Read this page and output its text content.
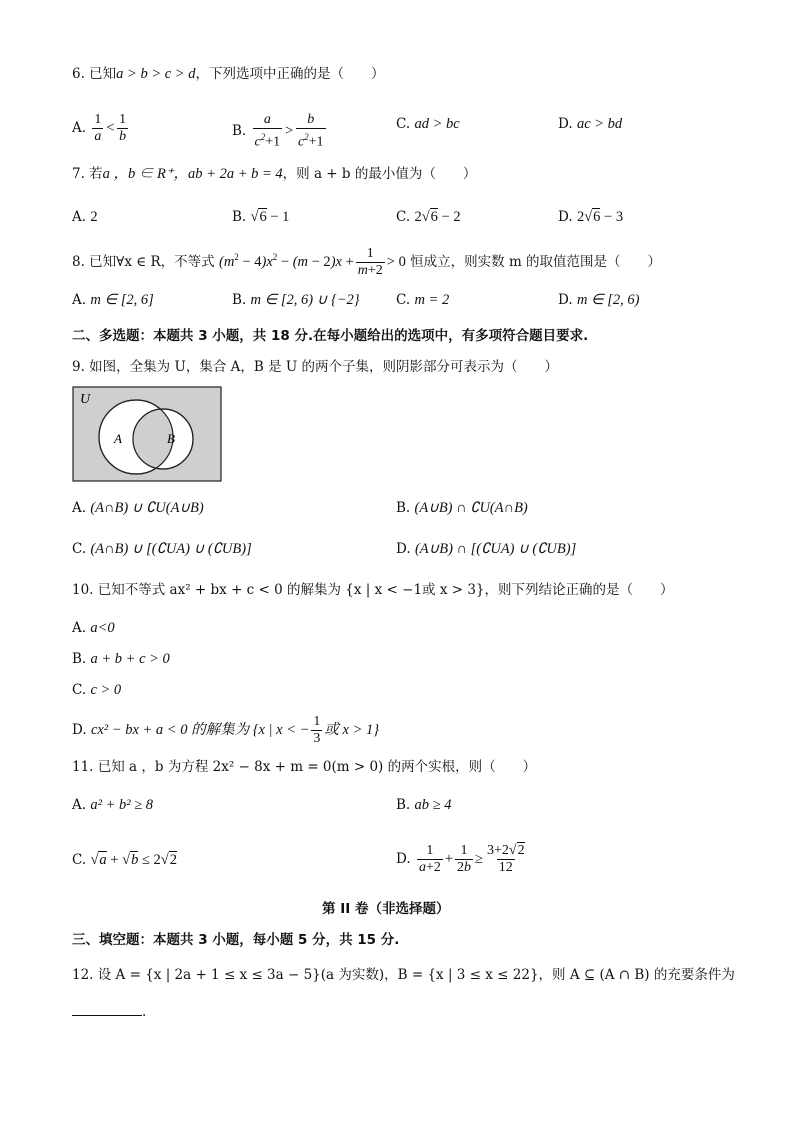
6. 已知a > b > c > d，下列选项中正确的是（　　）
A. $\frac{1}{a} < \frac{1}{b}$	B. $\frac{a}{c^2+1} > \frac{b}{c^2+1}$	C. ad > bc	D. ac > bd
7. 若a ，b ∈ R⁺，ab + 2a + b = 4，则 a + b 的最小值为（　　）
A. 2	B. √6 − 1	C. 2√6 − 2	D. 2√6 − 3
8. 已知∀x ∈ R，不等式 $(m^2 - 4)x^2 - (m - 2)x + \frac{1}{m+2} > 0$ 恒成立，则实数 m 的取值范围是（　　）
A. m ∈ [2, 6]	B. m ∈ [2, 6) ∪ {−2}	C. m = 2	D. m ∈ [2, 6)
二、多选题：本题共 3 小题，共 18 分.在每小题给出的选项中，有多项符合题目要求.
9. 如图，全集为 U，集合 A，B 是 U 的两个子集，则阴影部分可表示为（　　）
U
A	B
A. (A∩B) ∪ ∁U(A∪B)	B. (A∪B) ∩ ∁U(A∩B)
C. (A∩B) ∪ [(∁UA) ∪ (∁UB)]	D. (A∪B) ∩ [(∁UA) ∪ (∁UB)]
10. 已知不等式 ax² + bx + c < 0 的解集为 {x | x < −1或 x > 3}，则下列结论正确的是（　　）
A. a<0
B. a + b + c > 0
C. c > 0
D. cx² − bx + a < 0 的解集为 {x | x < − $\frac{1}{3}$ 或 x > 1}
11. 已知 a ，b 为方程 2x² − 8x + m = 0(m > 0) 的两个实根，则（　　）
A. a² + b² ≥ 8	B. ab ≥ 4
C. √a + √b ≤ 2√2	D. $\frac{1}{a+2} + \frac{1}{2b} \ge \frac{3+2√2}{12}$
第 II 卷（非选择题）
三、填空题：本题共 3 小题，每小题 5 分，共 15 分.
12. 设 A = {x | 2a + 1 ≤ x ≤ 3a − 5}(a 为实数)，B = {x | 3 ≤ x ≤ 22}，则 A ⊆ (A ∩ B) 的充要条件为
.
